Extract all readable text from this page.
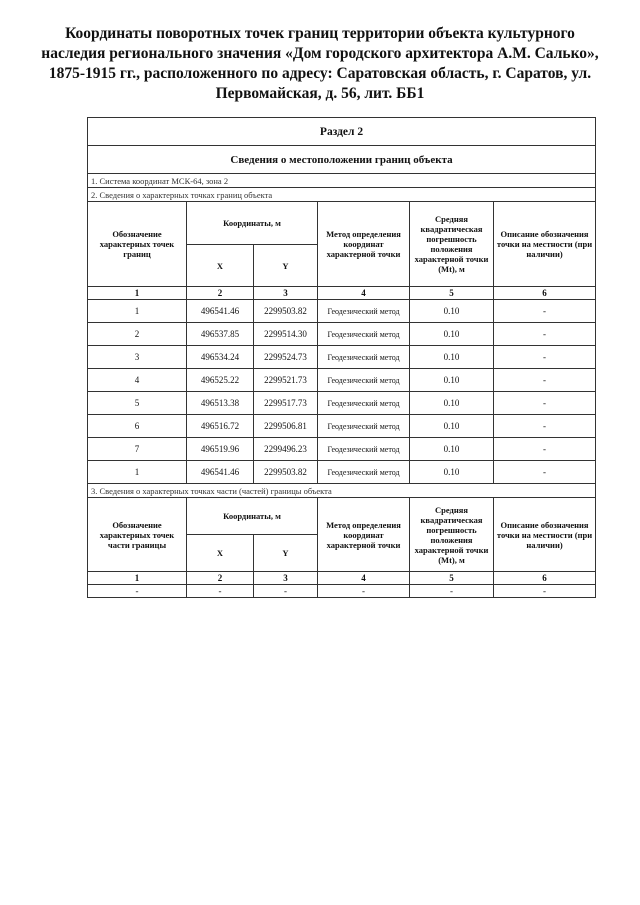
Координаты поворотных точек границ территории объекта культурного наследия регионального значения «Дом городского архитектора А.М. Салько», 1875-1915 гг., расположенного по адресу: Саратовская область, г. Саратов, ул. Первомайская, д. 56, лит. ББ1
Раздел 2					
Сведения о местоположении границ объекта					
1. Система координат МСК-64, зона 2					
2. Сведения о характерных точках границ объекта					
Обозначение характерных точек границ	Координаты, м		Метод определения координат характерной точки	Средняя квадратическая погрешность положения характерной точки (Mt), м	Описание обозначения точки на местности (при наличии)
	X	Y			
1	2	3	4	5	6
1	496541.46	2299503.82	Геодезический метод	0.10	-
2	496537.85	2299514.30	Геодезический метод	0.10	-
3	496534.24	2299524.73	Геодезический метод	0.10	-
4	496525.22	2299521.73	Геодезический метод	0.10	-
5	496513.38	2299517.73	Геодезический метод	0.10	-
6	496516.72	2299506.81	Геодезический метод	0.10	-
7	496519.96	2299496.23	Геодезический метод	0.10	-
1	496541.46	2299503.82	Геодезический метод	0.10	-
3. Сведения о характерных точках части (частей) границы объекта					
Обозначение характерных точек части границы	Координаты, м		Метод определения координат характерной точки	Средняя квадратическая погрешность положения характерной точки (Mt), м	Описание обозначения точки на местности (при наличии)
	X	Y			
1	2	3	4	5	6
-	-	-	-	-	-
